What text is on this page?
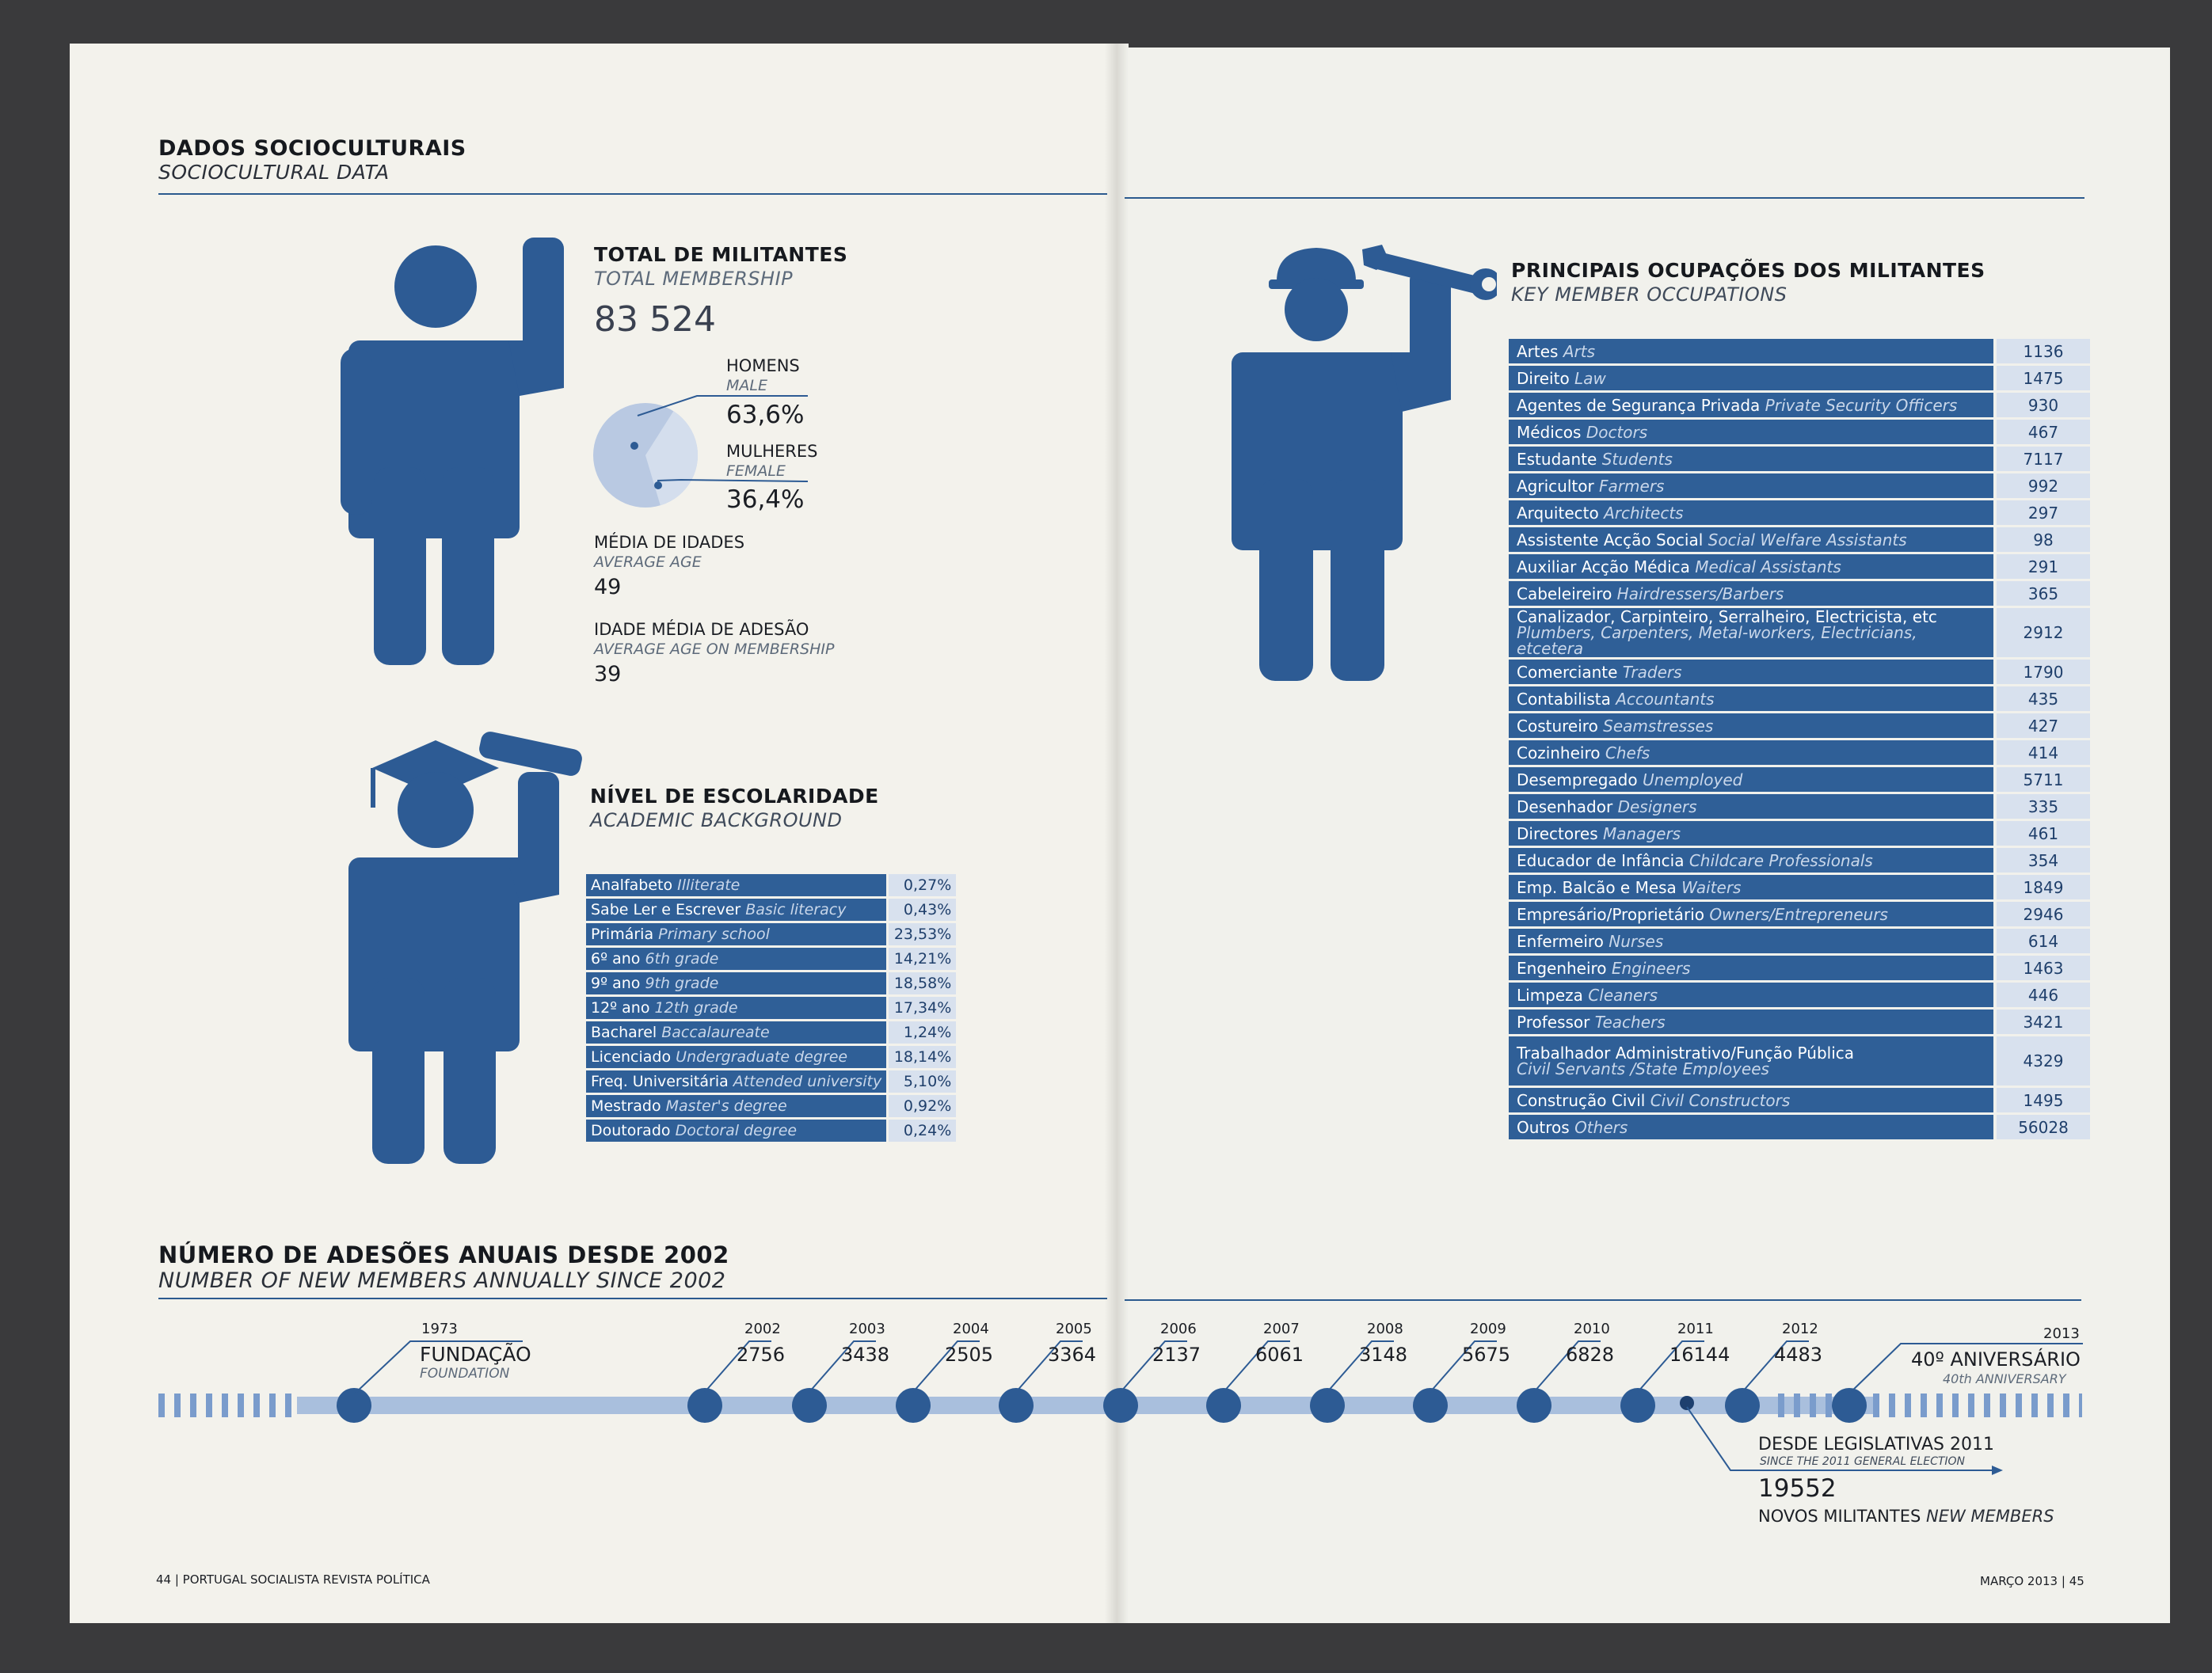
DADOS SOCIOCULTURAIS
SOCIOCULTURAL DATA
TOTAL DE MILITANTES
TOTAL MEMBERSHIP
83 524
HOMENS
MALE
63,6%
MULHERES
FEMALE
36,4%
MÉDIA DE IDADES
AVERAGE AGE
49
IDADE MÉDIA DE ADESÃO
AVERAGE AGE ON MEMBERSHIP
39
NÍVEL DE ESCOLARIDADE
ACADEMIC BACKGROUND
Analfabeto Illiterate	0,27%
Sabe Ler e Escrever Basic literacy	0,43%
Primária Primary school	23,53%
6º ano 6th grade	14,21%
9º ano 9th grade	18,58%
12º ano 12th grade	17,34%
Bacharel Baccalaureate	1,24%
Licenciado Undergraduate degree	18,14%
Freq. Universitária Attended university	5,10%
Mestrado Master's degree	0,92%
Doutorado Doctoral degree	0,24%
PRINCIPAIS OCUPAÇÕES DOS MILITANTES
KEY MEMBER OCCUPATIONS
Artes Arts	1136
Direito Law	1475
Agentes de Segurança Privada Private Security Officers	930
Médicos Doctors	467
Estudante Students	7117
Agricultor Farmers	992
Arquitecto Architects	297
Assistente Acção Social Social Welfare Assistants	98
Auxiliar Acção Médica Medical Assistants	291
Cabeleireiro Hairdressers/Barbers	365
Canalizador, Carpinteiro, Serralheiro, Electricista, etc
Plumbers, Carpenters, Metal-workers, Electricians, etcetera	2912
Comerciante Traders	1790
Contabilista Accountants	435
Costureiro Seamstresses	427
Cozinheiro Chefs	414
Desempregado Unemployed	5711
Desenhador Designers	335
Directores Managers	461
Educador de Infância Childcare Professionals	354
Emp. Balcão e Mesa Waiters	1849
Empresário/Proprietário Owners/Entrepreneurs	2946
Enfermeiro Nurses	614
Engenheiro Engineers	1463
Limpeza Cleaners	446
Professor Teachers	3421
Trabalhador Administrativo/Função Pública
Civil Servants /State Employees	4329
Construção Civil Civil Constructors	1495
Outros Others	56028
NÚMERO DE ADESÕES ANUAIS DESDE 2002
NUMBER OF NEW MEMBERS ANNUALLY SINCE 2002
1973
FUNDAÇÃO
FOUNDATION
2002
2756
2003
3438
2004
2505
2005
3364
2006
2137
2007
6061
2008
3148
2009
5675
2010
6828
2011
16144
2012
4483
2013
40º ANIVERSÁRIO
40th ANNIVERSARY
DESDE LEGISLATIVAS 2011
SINCE THE 2011 GENERAL ELECTION
19552
NOVOS MILITANTES NEW MEMBERS
44 | PORTUGAL SOCIALISTA REVISTA POLÍTICA	MARÇO 2013 | 45
